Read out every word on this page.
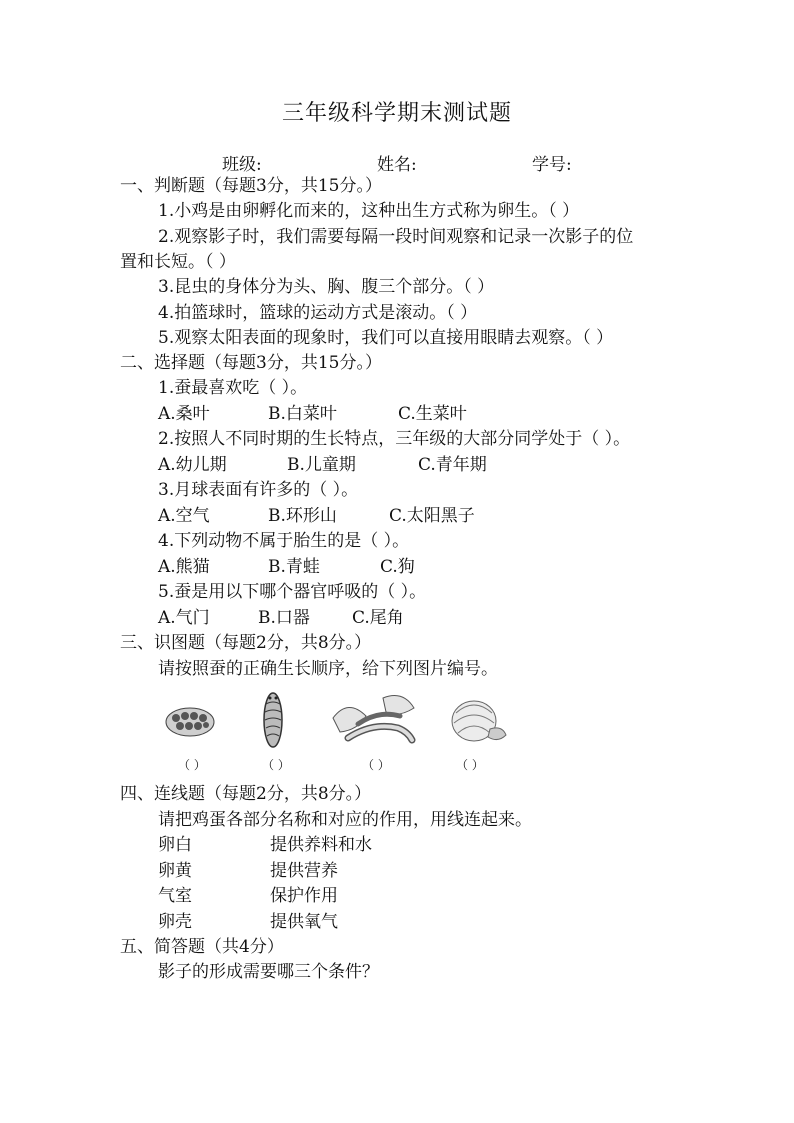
三年级科学期末测试题
班级:	姓名:	学号:
一、判断题（每题3分，共15分。）
1.小鸡是由卵孵化而来的，这种出生方式称为卵生。（ ）
2.观察影子时，我们需要每隔一段时间观察和记录一次影子的位
置和长短。（ ）
3.昆虫的身体分为头、胸、腹三个部分。（ ）
4.拍篮球时，篮球的运动方式是滚动。（ ）
5.观察太阳表面的现象时，我们可以直接用眼睛去观察。（ ）
二、选择题（每题3分，共15分。）
1.蚕最喜欢吃（ ）。
A.桑叶	B.白菜叶	C.生菜叶
2.按照人不同时期的生长特点，三年级的大部分同学处于（ ）。
A.幼儿期	B.儿童期	C.青年期
3.月球表面有许多的（ ）。
A.空气	B.环形山	C.太阳黑子
4.下列动物不属于胎生的是（ ）。
A.熊猫	B.青蛙	C.狗
5.蚕是用以下哪个器官呼吸的（ ）。
A.气门	B.口器 C.尾角
三、识图题（每题2分，共8分。）
请按照蚕的正确生长顺序，给下列图片编号。
（ ）	（ ）	（ ）	（ ）
四、连线题（每题2分，共8分。）
请把鸡蛋各部分名称和对应的作用，用线连起来。
卵白	提供养料和水
卵黄	提供营养
气室	保护作用
卵壳	提供氧气
五、简答题（共4分）
影子的形成需要哪三个条件？
